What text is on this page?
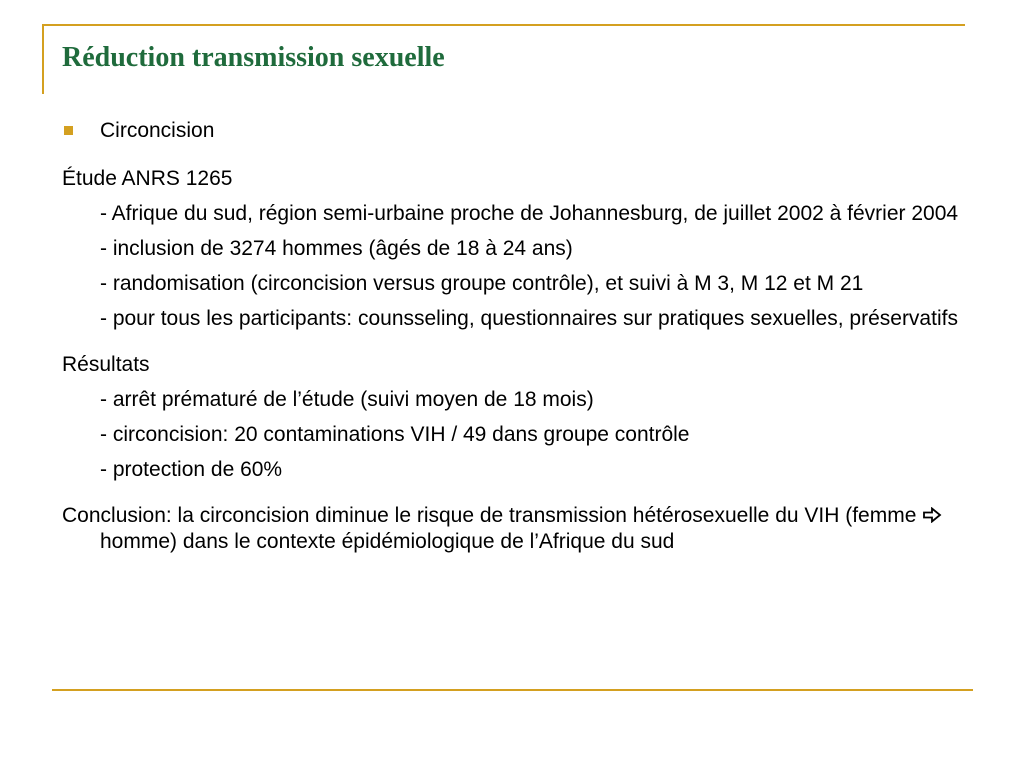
Réduction transmission sexuelle

Circoncision

Étude ANRS 1265

- Afrique du sud, région semi-urbaine proche de Johannesburg, de juillet 2002 à février 2004

- inclusion de 3274 hommes (âgés de 18 à 24 ans)

- randomisation (circoncision versus groupe contrôle), et suivi à M 3, M 12 et M 21

- pour tous les participants: counsseling, questionnaires sur pratiques sexuelles, préservatifs

Résultats

- arrêt prématuré de l’étude (suivi moyen de 18 mois)

- circoncision: 20 contaminations VIH / 49 dans groupe contrôle

- protection de 60%

Conclusion: la circoncision diminue le risque de transmission hétérosexuelle du VIH (femme  homme) dans le contexte épidémiologique de l’Afrique du sud
